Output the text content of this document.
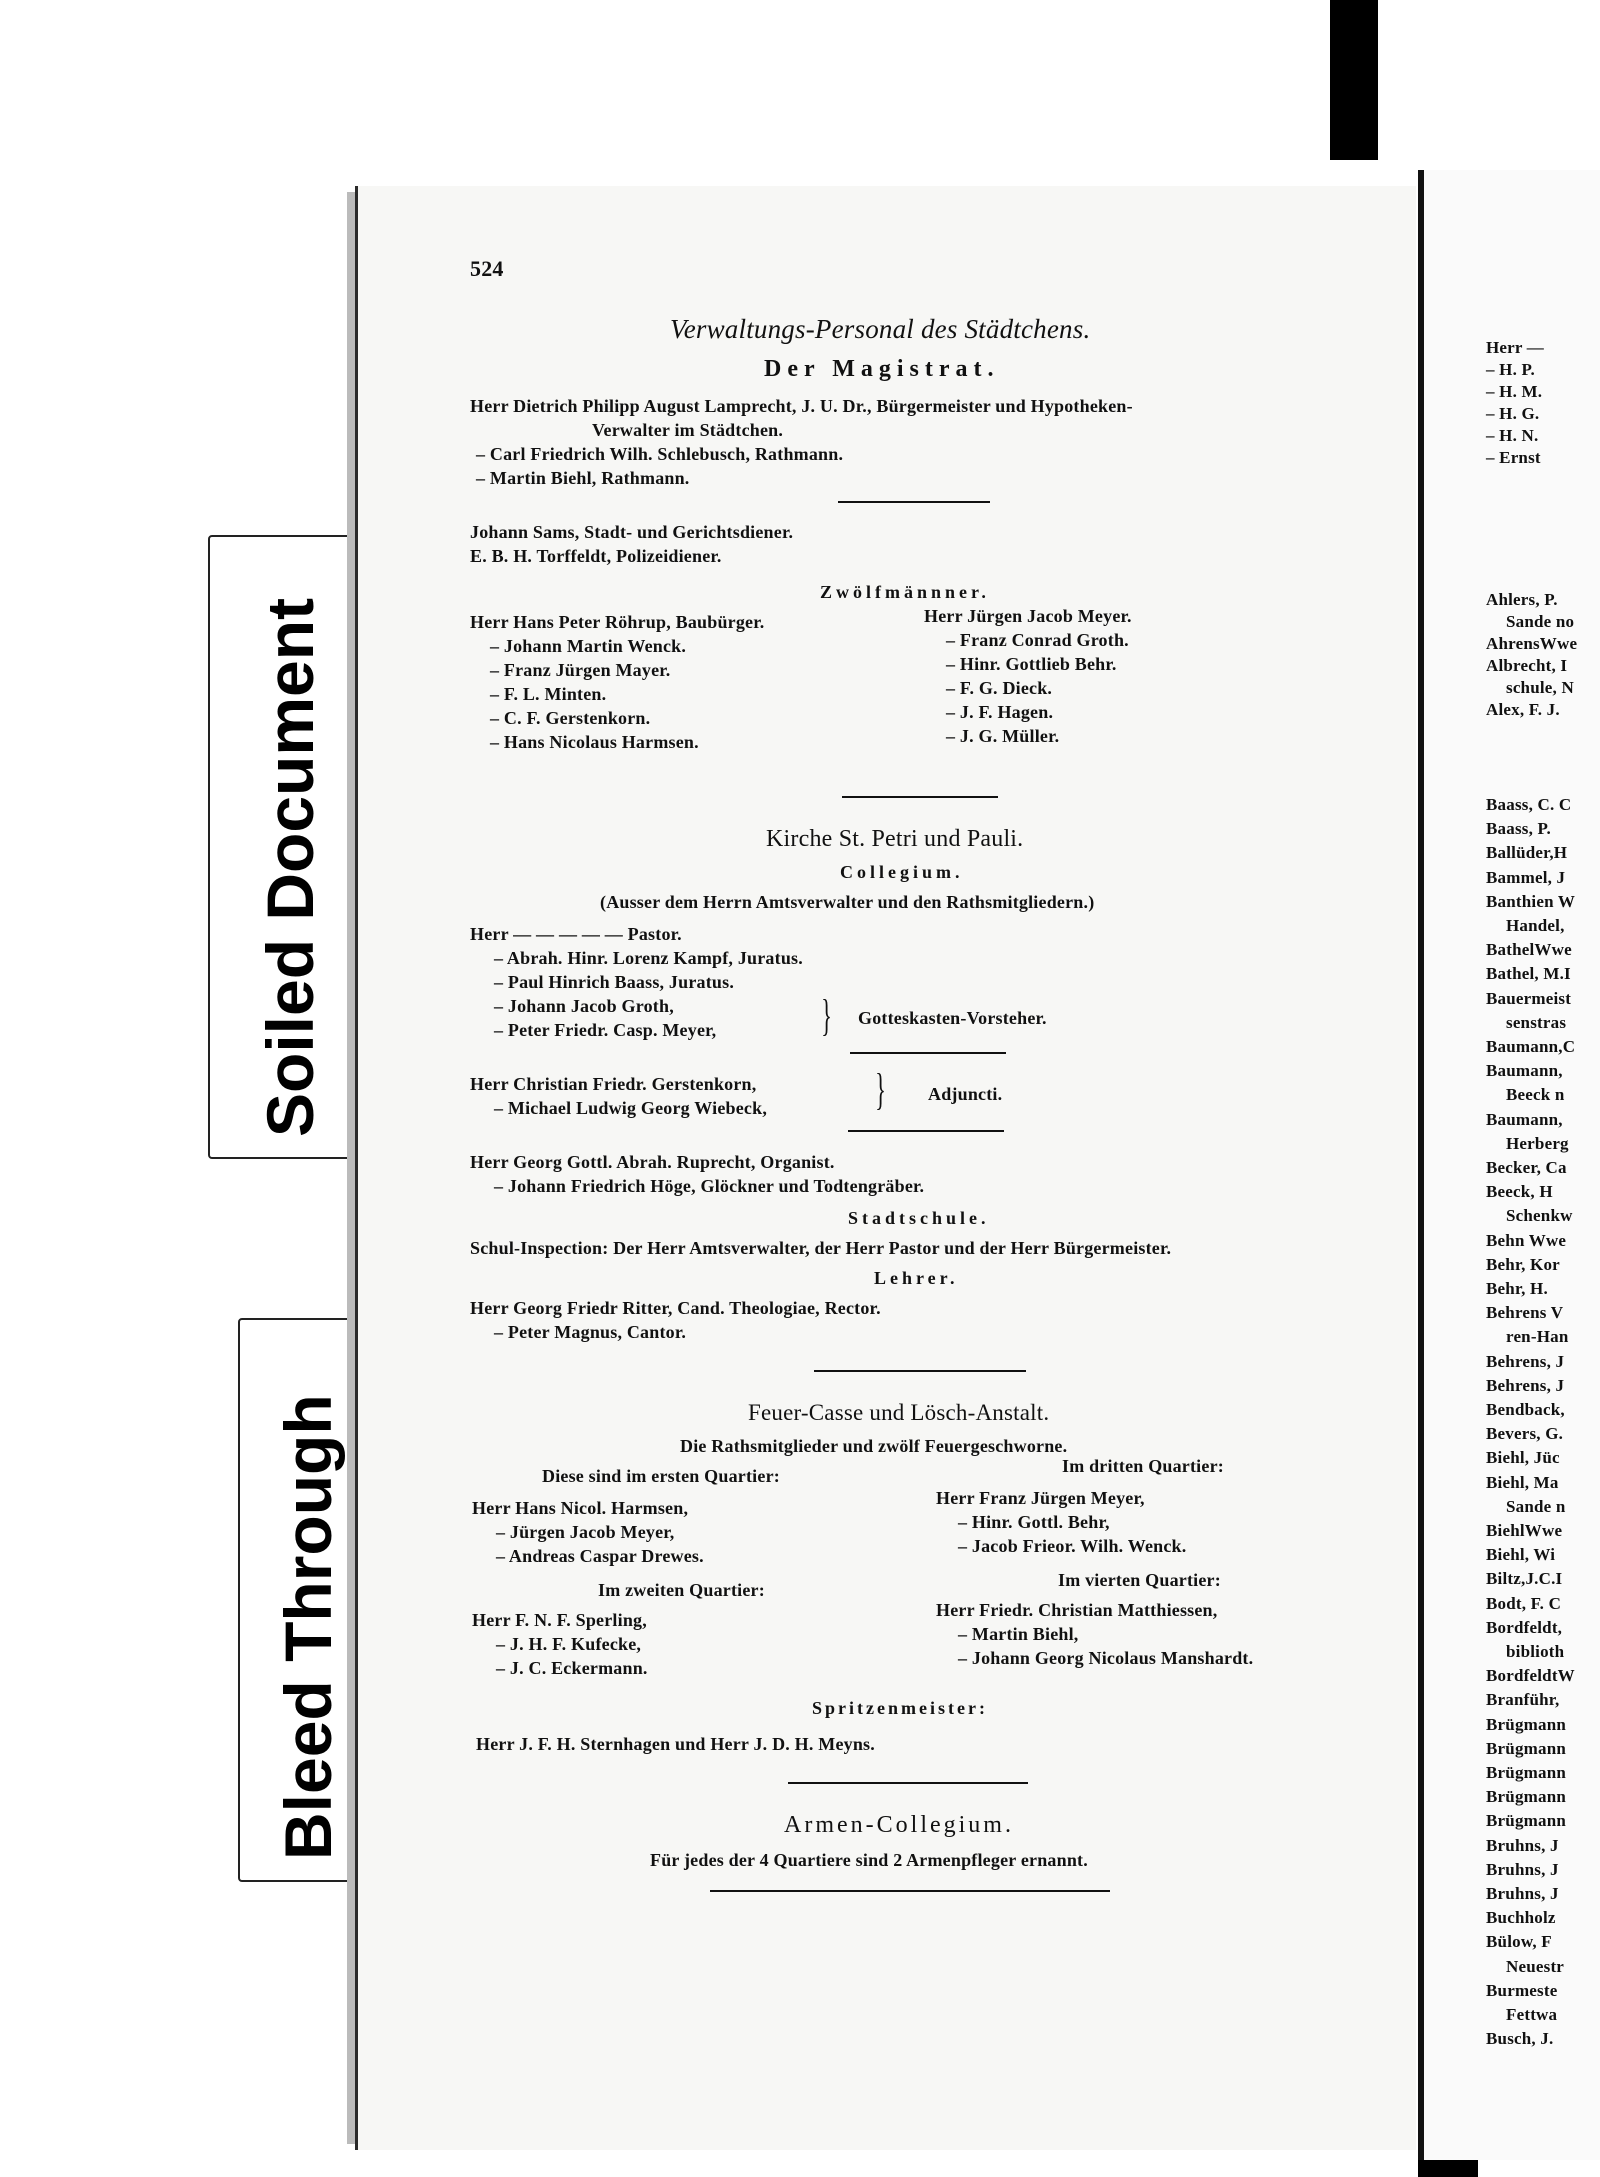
Soiled Document
Bleed Through
524
Verwaltungs-Personal des Städtchens.
Der Magistrat.
Herr Dietrich Philipp August Lamprecht, J. U. Dr., Bürgermeister und Hypotheken-
Verwalter im Städtchen.
– Carl Friedrich Wilh. Schlebusch, Rathmann.
– Martin Biehl, Rathmann.
Johann Sams, Stadt- und Gerichtsdiener.
E. B. H. Torffeldt, Polizeidiener.
Zwölfmännner.
Herr Hans Peter Röhrup, Baubürger.
– Johann Martin Wenck.
– Franz Jürgen Mayer.
– F. L. Minten.
– C. F. Gerstenkorn.
– Hans Nicolaus Harmsen.
Herr Jürgen Jacob Meyer.
– Franz Conrad Groth.
– Hinr. Gottlieb Behr.
– F. G. Dieck.
– J. F. Hagen.
– J. G. Müller.
Kirche St. Petri und Pauli.
Collegium.
(Ausser dem Herrn Amtsverwalter und den Rathsmitgliedern.)
Herr — — — — — Pastor.
– Abrah. Hinr. Lorenz Kampf, Juratus.
– Paul Hinrich Baass, Juratus.
– Johann Jacob Groth,
– Peter Friedr. Casp. Meyer, } Gotteskasten-Vorsteher.
Herr Christian Friedr. Gerstenkorn,
– Michael Ludwig Georg Wiebeck, } Adjuncti.
Herr Georg Gottl. Abrah. Ruprecht, Organist.
– Johann Friedrich Höge, Glöckner und Todtengräber.
Stadtschule.
Schul-Inspection: Der Herr Amtsverwalter, der Herr Pastor und der Herr Bürgermeister.
Lehrer.
Herr Georg Friedr Ritter, Cand. Theologiae, Rector.
– Peter Magnus, Cantor.
Feuer-Casse und Lösch-Anstalt.
Die Rathsmitglieder und zwölf Feuergeschworne.
Diese sind im ersten Quartier:
Herr Hans Nicol. Harmsen,
– Jürgen Jacob Meyer,
– Andreas Caspar Drewes.
Im zweiten Quartier:
Herr F. N. F. Sperling,
– J. H. F. Kufecke,
– J. C. Eckermann.
Im dritten Quartier:
Herr Franz Jürgen Meyer,
– Hinr. Gottl. Behr,
– Jacob Frieor. Wilh. Wenck.
Im vierten Quartier:
Herr Friedr. Christian Matthiessen,
– Martin Biehl,
– Johann Georg Nicolaus Manshardt.
Spritzenmeister:
Herr J. F. H. Sternhagen und Herr J. D. H. Meyns.
Armen-Collegium.
Für jedes der 4 Quartiere sind 2 Armenpfleger ernannt.
Herr —
– H. P.
– H. M.
– H. G.
– H. N.
– Ernst
Ahlers, P.
Sande no
AhrensWwe
Albrecht, I
schule, N
Alex, F. J.
Baass, C. C
Baass, P.
Ballüder,H
Bammel, J
Banthien W
Handel,
BathelWwe
Bathel, M.I
Bauermeist
senstras
Baumann,C
Baumann,
Beeck n
Baumann,
Herberg
Becker, Ca
Beeck, H
Schenkw
Behn Wwe
Behr, Kor
Behr, H.
Behrens V
ren-Han
Behrens, J
Behrens, J
Bendback,
Bevers, G.
Biehl, Jüc
Biehl, Ma
Sande n
BiehlWwe
Biehl, Wi
Biltz,J.C.I
Bodt, F. C
Bordfeldt,
biblioth
BordfeldtW
Branführ,
Brügmann
Brügmann
Brügmann
Brügmann
Brügmann
Bruhns, J
Bruhns, J
Bruhns, J
Buchholz
Bülow, F
Neuestr
Burmeste
Fettwa
Busch, J.
